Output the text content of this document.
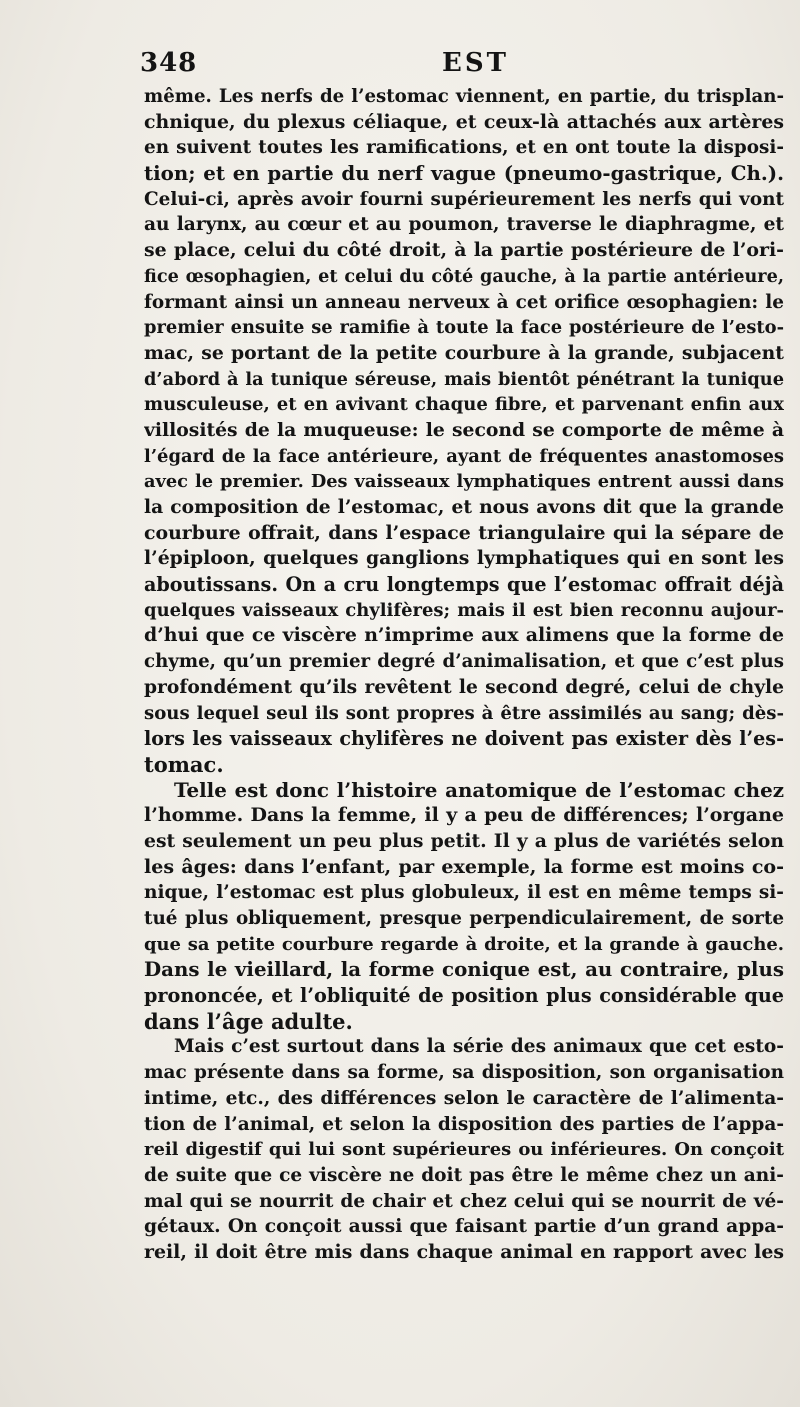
348	EST
même. Les nerfs de l’estomac viennent, en partie, du trisplan-
chnique, du plexus céliaque, et ceux-là attachés aux artères
en suivent toutes les ramifications, et en ont toute la disposi-
tion; et en partie du nerf vague (pneumo-gastrique, Ch.).
Celui-ci, après avoir fourni supérieurement les nerfs qui vont
au larynx, au cœur et au poumon, traverse le diaphragme, et
se place, celui du côté droit, à la partie postérieure de l’ori-
fice œsophagien, et celui du côté gauche, à la partie antérieure,
formant ainsi un anneau nerveux à cet orifice œsophagien: le
premier ensuite se ramifie à toute la face postérieure de l’esto-
mac, se portant de la petite courbure à la grande, subjacent
d’abord à la tunique séreuse, mais bientôt pénétrant la tunique
musculeuse, et en avivant chaque fibre, et parvenant enfin aux
villosités de la muqueuse: le second se comporte de même à
l’égard de la face antérieure, ayant de fréquentes anastomoses
avec le premier. Des vaisseaux lymphatiques entrent aussi dans
la composition de l’estomac, et nous avons dit que la grande
courbure offrait, dans l’espace triangulaire qui la sépare de
l’épiploon, quelques ganglions lymphatiques qui en sont les
aboutissans. On a cru longtemps que l’estomac offrait déjà
quelques vaisseaux chylifères; mais il est bien reconnu aujour-
d’hui que ce viscère n’imprime aux alimens que la forme de
chyme, qu’un premier degré d’animalisation, et que c’est plus
profondément qu’ils revêtent le second degré, celui de chyle
sous lequel seul ils sont propres à être assimilés au sang; dès-
lors les vaisseaux chylifères ne doivent pas exister dès l’es-
tomac.
Telle est donc l’histoire anatomique de l’estomac chez
l’homme. Dans la femme, il y a peu de différences; l’organe
est seulement un peu plus petit. Il y a plus de variétés selon
les âges: dans l’enfant, par exemple, la forme est moins co-
nique, l’estomac est plus globuleux, il est en même temps si-
tué plus obliquement, presque perpendiculairement, de sorte
que sa petite courbure regarde à droite, et la grande à gauche.
Dans le vieillard, la forme conique est, au contraire, plus
prononcée, et l’obliquité de position plus considérable que
dans l’âge adulte.
Mais c’est surtout dans la série des animaux que cet esto-
mac présente dans sa forme, sa disposition, son organisation
intime, etc., des différences selon le caractère de l’alimenta-
tion de l’animal, et selon la disposition des parties de l’appa-
reil digestif qui lui sont supérieures ou inférieures. On conçoit
de suite que ce viscère ne doit pas être le même chez un ani-
mal qui se nourrit de chair et chez celui qui se nourrit de vé-
gétaux. On conçoit aussi que faisant partie d’un grand appa-
reil, il doit être mis dans chaque animal en rapport avec les
